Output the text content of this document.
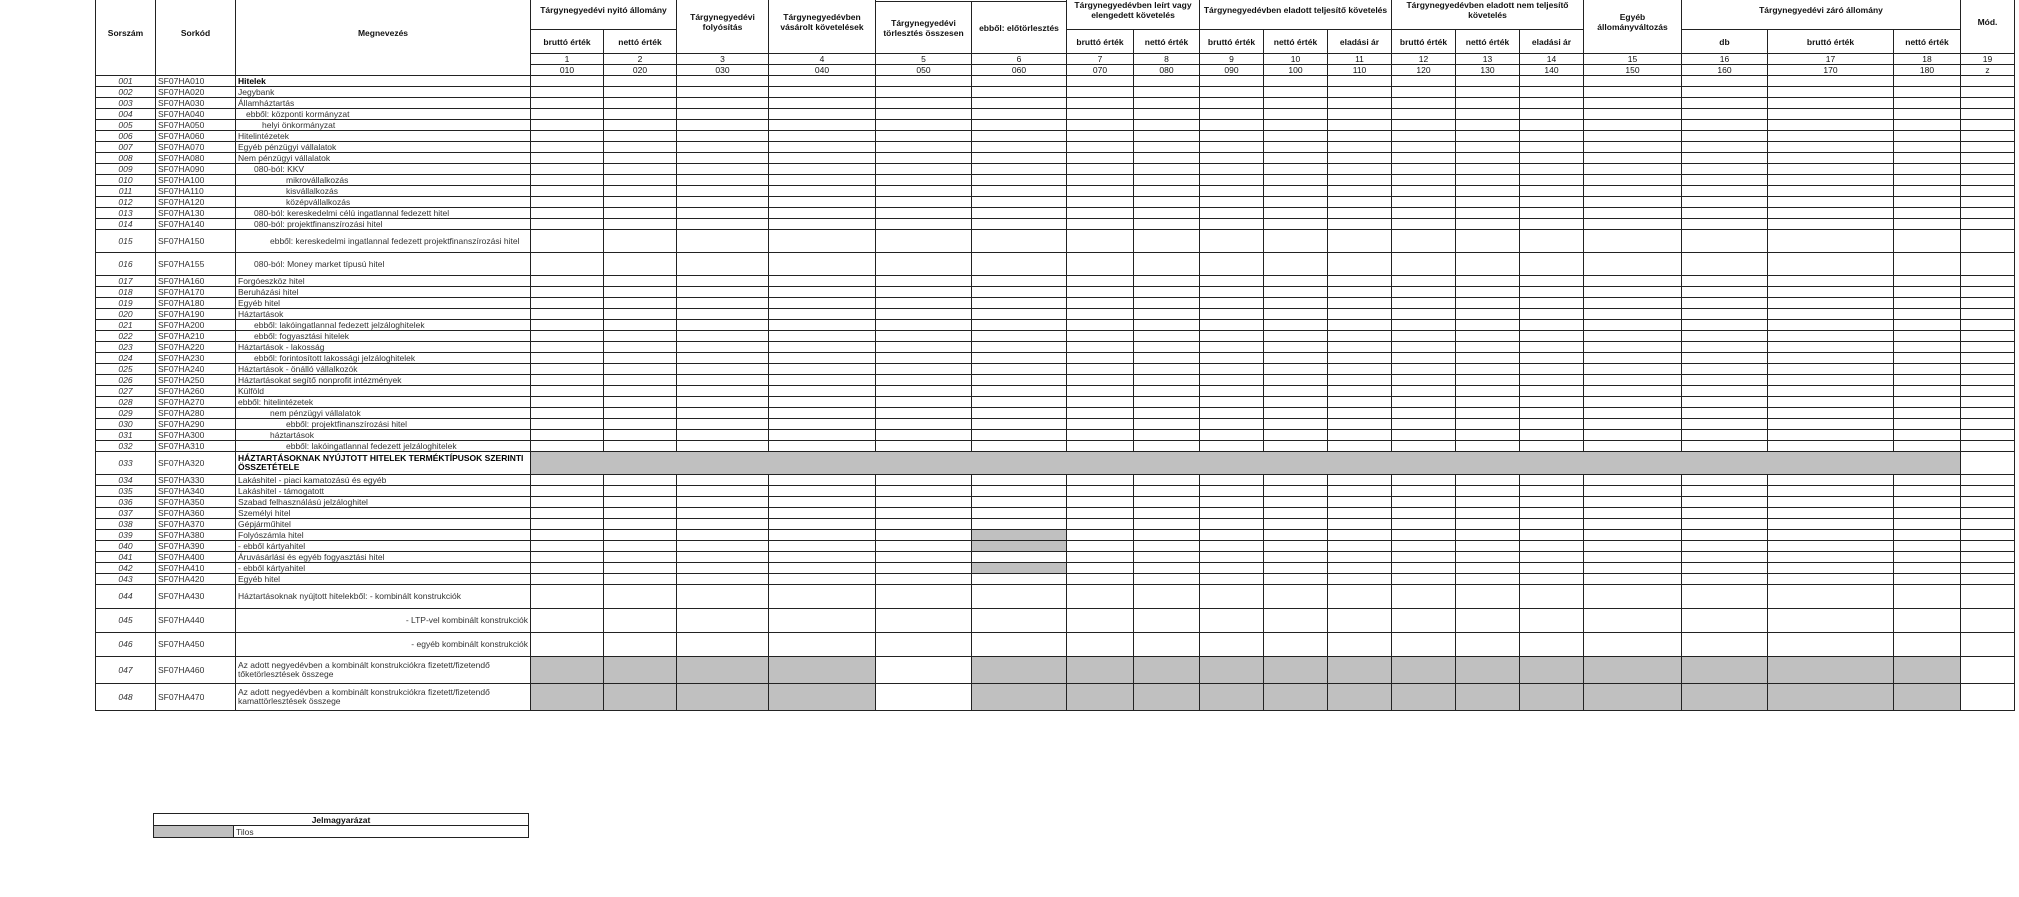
Sorszám	Sorkód	Megnevezés	Tárgynegyedévi nyitó állomány		Tárgynegyedévi folyósítás	Tárgynegyedévben vásárolt követelések			Tárgynegyedévben leírt vagy elengedett követelés		Tárgynegyedévben eladott teljesítő követelés			Tárgynegyedévben eladott nem teljesítő követelés			Egyéb állományváltozás	Tárgynegyedévi záró állomány			Mód.
							Tárgynegyedévi törlesztés összesen	ebből: előtörlesztés													
			bruttó érték	nettó érték					bruttó érték	nettó érték	bruttó érték	nettó érték	eladási ár	bruttó érték	nettó érték	eladási ár		db	bruttó érték	nettó érték	
			1	2	3	4	5	6	7	8	9	10	11	12	13	14	15	16	17	18	19
			010	020	030	040	050	060	070	080	090	100	110	120	130	140	150	160	170	180	z
001	SF07HA010	Hitelek																			
002	SF07HA020	Jegybank																			
003	SF07HA030	Államháztartás																			
004	SF07HA040	ebből: központi kormányzat																			
005	SF07HA050	helyi önkormányzat																			
006	SF07HA060	Hitelintézetek																			
007	SF07HA070	Egyéb pénzügyi vállalatok																			
008	SF07HA080	Nem pénzügyi vállalatok																			
009	SF07HA090	080-ból: KKV																			
010	SF07HA100	mikrovállalkozás																			
011	SF07HA110	kisvállalkozás																			
012	SF07HA120	középvállalkozás																			
013	SF07HA130	080-ból: kereskedelmi célú ingatlannal fedezett hitel																			
014	SF07HA140	080-ból: projektfinanszírozási hitel																			
015	SF07HA150	ebből: kereskedelmi ingatlannal fedezett projektfinanszírozási hitel																			
016	SF07HA155	080-ból: Money market típusú hitel																			
017	SF07HA160	Forgóeszköz hitel																			
018	SF07HA170	Beruházási hitel																			
019	SF07HA180	Egyéb hitel																			
020	SF07HA190	Háztartások																			
021	SF07HA200	ebből: lakóingatlannal fedezett jelzáloghitelek																			
022	SF07HA210	ebből: fogyasztási hitelek																			
023	SF07HA220	Háztartások - lakosság																			
024	SF07HA230	ebből: forintosított lakossági jelzáloghitelek																			
025	SF07HA240	Háztartások - önálló vállalkozók																			
026	SF07HA250	Háztartásokat segítő nonprofit intézmények																			
027	SF07HA260	Külföld																			
028	SF07HA270	ebből: hitelintézetek																			
029	SF07HA280	nem pénzügyi vállalatok																			
030	SF07HA290	ebből: projektfinanszírozási hitel																			
031	SF07HA300	háztartások																			
032	SF07HA310	ebből: lakóingatlannal fedezett jelzáloghitelek																			
033	SF07HA320	HÁZTARTÁSOKNAK NYÚJTOTT HITELEK TERMÉKTÍPUSOK SZERINTI ÖSSZETÉTELE																			
034	SF07HA330	Lakáshitel - piaci kamatozású és egyéb																			
035	SF07HA340	Lakáshitel - támogatott																			
036	SF07HA350	Szabad felhasználású jelzáloghitel																			
037	SF07HA360	Személyi hitel																			
038	SF07HA370	Gépjárműhitel																			
039	SF07HA380	Folyószámla hitel																			
040	SF07HA390	- ebből kártyahitel																			
041	SF07HA400	Áruvásárlási és egyéb fogyasztási hitel																			
042	SF07HA410	- ebből kártyahitel																			
043	SF07HA420	Egyéb hitel																			
044	SF07HA430	Háztartásoknak nyújtott hitelekből: - kombinált konstrukciók																			
045	SF07HA440	- LTP-vel kombinált konstrukciók																			
046	SF07HA450	- egyéb kombinált konstrukciók																			
047	SF07HA460	Az adott negyedévben a kombinált konstrukciókra fizetett/fizetendő tőketörlesztések összege																			
048	SF07HA470	Az adott negyedévben a kombinált konstrukciókra fizetett/fizetendő kamattörlesztések összege																			
Jelmagyarázat
	Tilos
